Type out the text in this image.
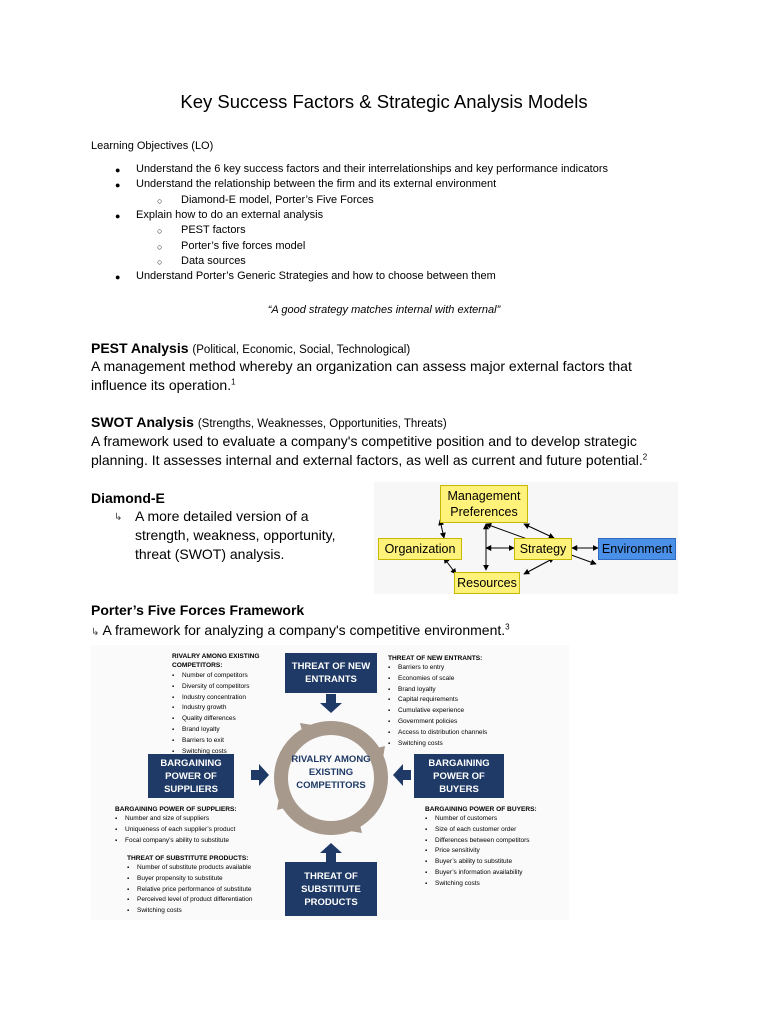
Key Success Factors & Strategic Analysis Models
Learning Objectives (LO)
● Understand the 6 key success factors and their interrelationships and key performance indicators
● Understand the relationship between the firm and its external environment
○ Diamond-E model, Porter’s Five Forces
● Explain how to do an external analysis
○ PEST factors
○ Porter’s five forces model
○ Data sources
● Understand Porter’s Generic Strategies and how to choose between them
“A good strategy matches internal with external”
PEST Analysis (Political, Economic, Social, Technological)
A management method whereby an organization can assess major external factors that influence its operation.$^1$
SWOT Analysis (Strengths, Weaknesses, Opportunities, Threats)
A framework used to evaluate a company's competitive position and to develop strategic planning. It assesses internal and external factors, as well as current and future potential.$^2$
Diamond-E
↳ A more detailed version of a strength, weakness, opportunity, threat (SWOT) analysis.
Management Preferences
Organization	Strategy	Environment
Resources
Porter’s Five Forces Framework
↳ A framework for analyzing a company's competitive environment.$^3$
RIVALRY AMONG EXISTING COMPETITORS
THREAT OF NEW ENTRANTS
BARGAINING POWER OF SUPPLIERS
BARGAINING POWER OF BUYERS
THREAT OF SUBSTITUTE PRODUCTS
RIVALRY AMONG EXISTING COMPETITORS:
▪ Number of competitors
▪ Diversity of competitors
▪ Industry concentration
▪ Industry growth
▪ Quality differences
▪ Brand loyalty
▪ Barriers to exit
▪ Switching costs
THREAT OF NEW ENTRANTS:
▪ Barriers to entry
▪ Economies of scale
▪ Brand loyalty
▪ Capital requirements
▪ Cumulative experience
▪ Government policies
▪ Access to distribution channels
▪ Switching costs
BARGAINING POWER OF SUPPLIERS:
▪ Number and size of suppliers
▪ Uniqueness of each supplier’s product
▪ Focal company’s ability to substitute
BARGAINING POWER OF BUYERS:
▪ Number of customers
▪ Size of each customer order
▪ Differences between competitors
▪ Price sensitivity
▪ Buyer’s ability to substitute
▪ Buyer’s information availability
▪ Switching costs
THREAT OF SUBSTITUTE PRODUCTS:
▪ Number of substitute products available
▪ Buyer propensity to substitute
▪ Relative price performance of substitute
▪ Perceived level of product differentiation
▪ Switching costs
